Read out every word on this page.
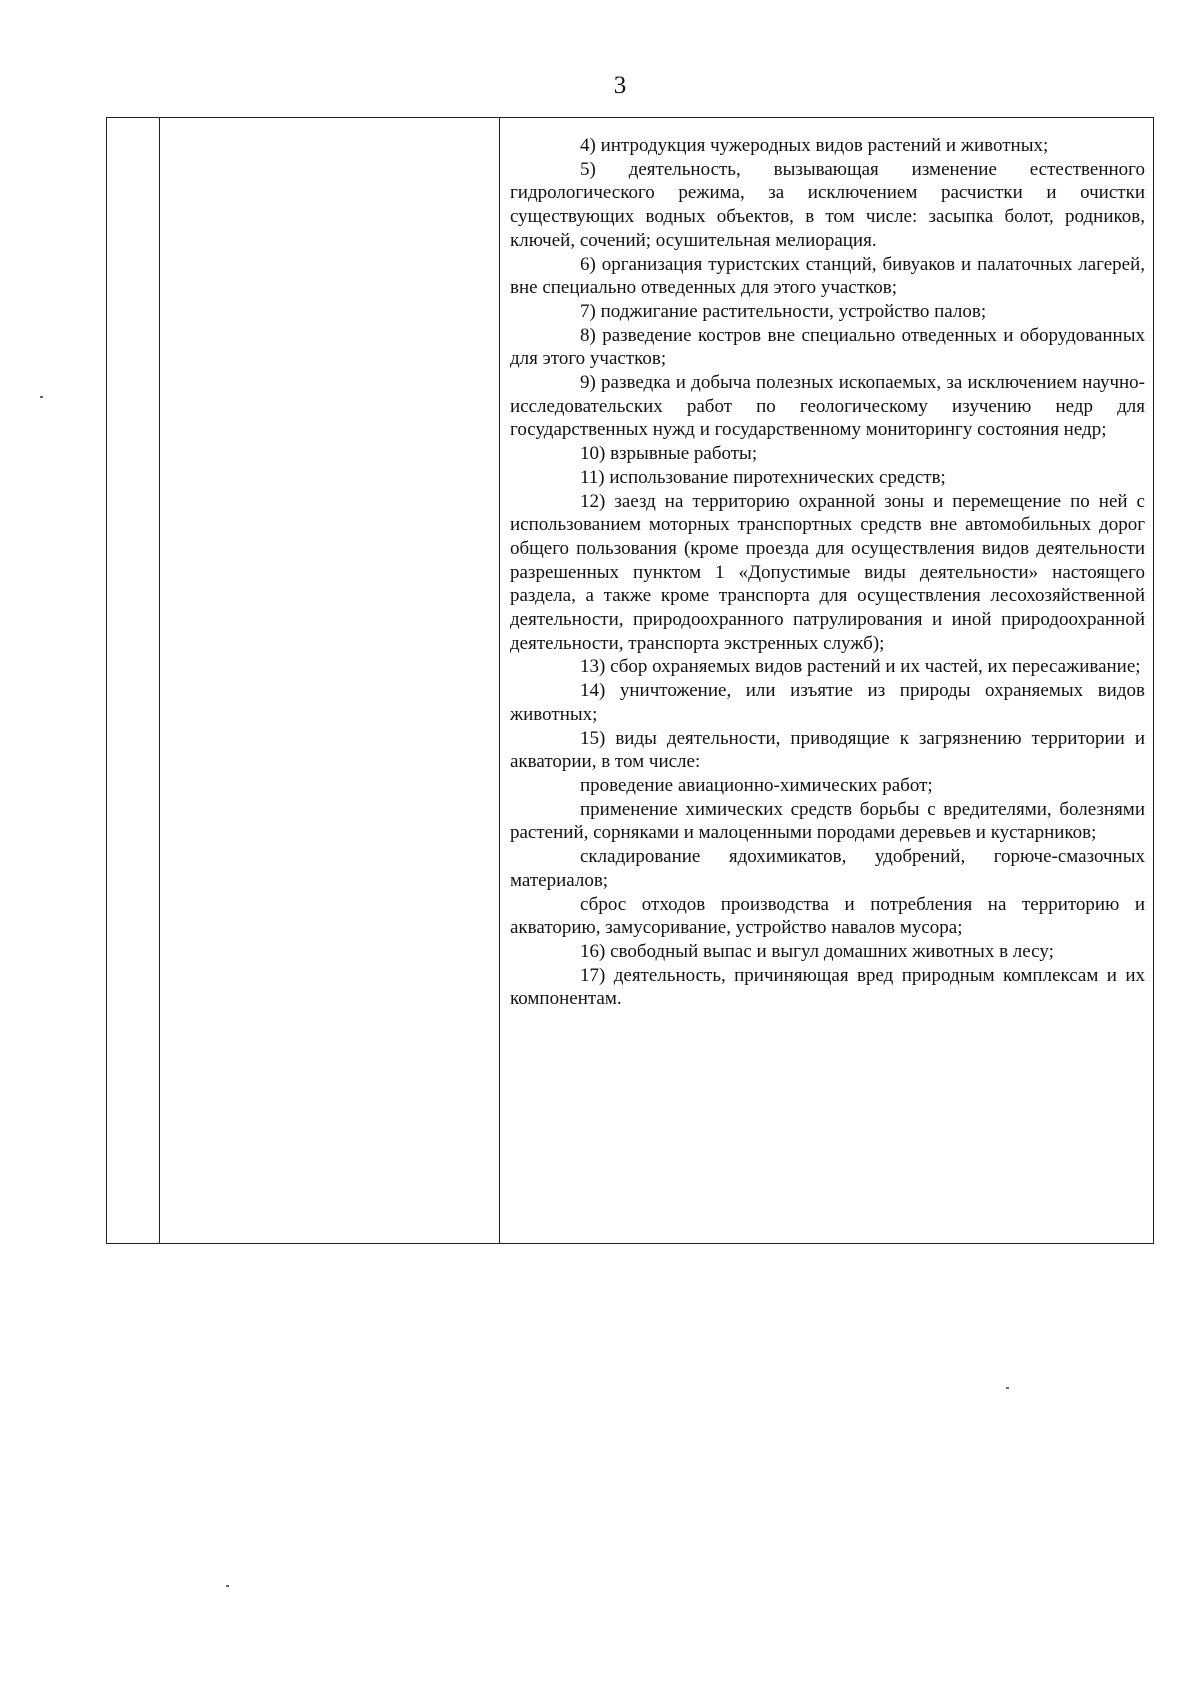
3

4) интродукция чужеродных видов растений и животных;

5) деятельность, вызывающая изменение естественного гидрологического режима, за исключением расчистки и очистки существующих водных объектов, в том числе: засыпка болот, родников, ключей, сочений; осушительная мелиорация.

6) организация туристских станций, бивуаков и палаточных лагерей, вне специально отведенных для этого участков;

7) поджигание растительности, устройство палов;

8) разведение костров вне специально отведенных и оборудованных для этого участков;

9) разведка и добыча полезных ископаемых, за исключением научно-исследовательских работ по геологическому изучению недр для государственных нужд и государственному мониторингу состояния недр;

10) взрывные работы;

11) использование пиротехнических средств;

12) заезд на территорию охранной зоны и перемещение по ней с использованием моторных транспортных средств вне автомобильных дорог общего пользования (кроме проезда для осуществления видов деятельности разрешенных пунктом 1 «Допустимые виды деятельности» настоящего раздела, а также кроме транспорта для осуществления лесохозяйственной деятельности, природоохранного патрулирования и иной природоохранной деятельности, транспорта экстренных служб);

13) сбор охраняемых видов растений и их частей, их пересаживание;

14) уничтожение, или изъятие из природы охраняемых видов животных;

15) виды деятельности, приводящие к загрязнению территории и акватории, в том числе:

проведение авиационно-химических работ;

применение химических средств борьбы с вредителями, болезнями растений, сорняками и малоценными породами деревьев и кустарников;

складирование ядохимикатов, удобрений, горюче-смазочных материалов;

сброс отходов производства и потребления на территорию и акваторию, замусоривание, устройство навалов мусора;

16) свободный выпас и выгул домашних животных в лесу;

17) деятельность, причиняющая вред природным комплексам и их компонентам.
